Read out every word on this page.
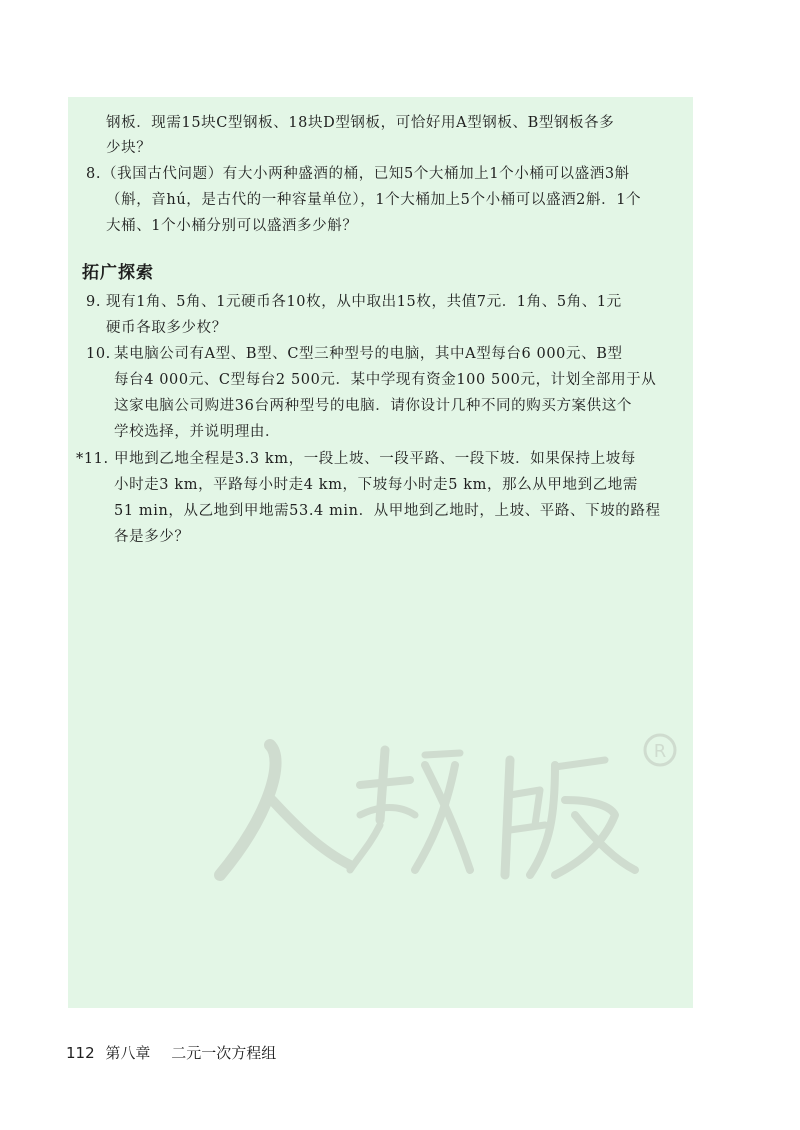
钢板．现需15块C型钢板、18块D型钢板，可恰好用A型钢板、B型钢板各多
少块？
8. （我国古代问题）有大小两种盛酒的桶，已知5个大桶加上1个小桶可以盛酒3斛
（斛，音hú，是古代的一种容量单位），1个大桶加上5个小桶可以盛酒2斛．1个
大桶、1个小桶分别可以盛酒多少斛？
拓广探索
9. 现有1角、5角、1元硬币各10枚，从中取出15枚，共值7元．1角、5角、1元
硬币各取多少枚？
10. 某电脑公司有A型、B型、C型三种型号的电脑，其中A型每台6 000元、B型
每台4 000元、C型每台2 500元．某中学现有资金100 500元，计划全部用于从
这家电脑公司购进36台两种型号的电脑．请你设计几种不同的购买方案供这个
学校选择，并说明理由．
*11. 甲地到乙地全程是3.3 km，一段上坡、一段平路、一段下坡．如果保持上坡每
小时走3 km，平路每小时走4 km，下坡每小时走5 km，那么从甲地到乙地需
51 min，从乙地到甲地需53.4 min．从甲地到乙地时，上坡、平路、下坡的路程
各是多少？
R
112 第八章 二元一次方程组
